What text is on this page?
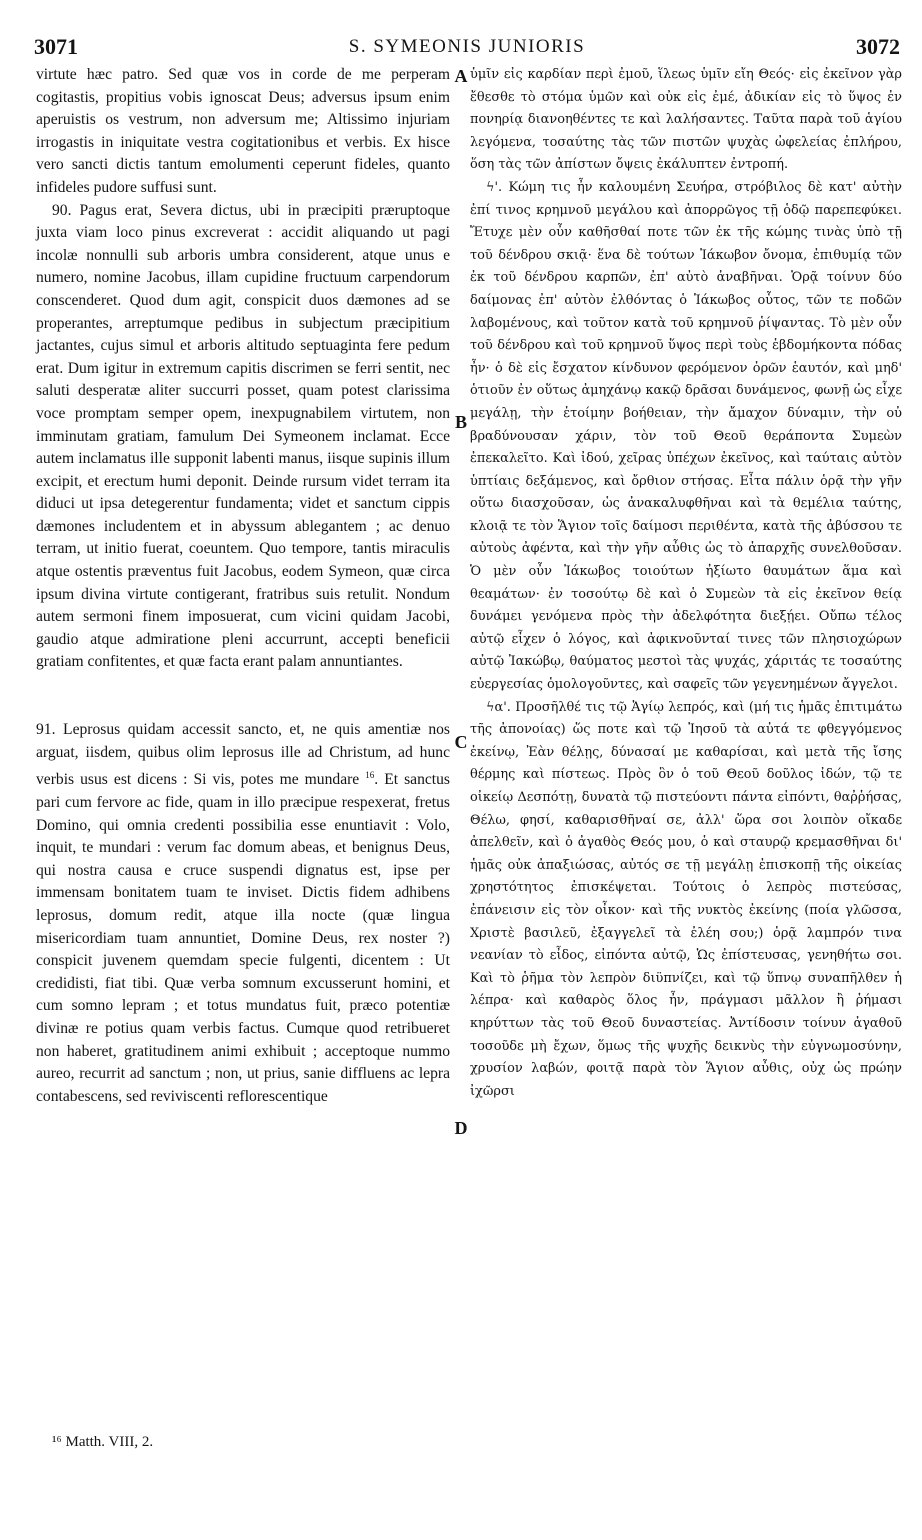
3071	S. SYMEONIS JUNIORIS	3072

virtute hæc patro. Sed quæ vos in corde de me perperam cogitastis, propitius vobis ignoscat Deus; adversus ipsum enim aperuistis os vestrum, non adversum me; Altissimo injuriam irrogastis in iniquitate vestra cogitationibus et verbis. Ex hisce vero sancti dictis tantum emolumenti ceperunt fideles, quanto infideles pudore suffusi sunt.

90. Pagus erat, Severa dictus, ubi in præcipiti præruptoque juxta viam loco pinus excreverat : accidit aliquando ut pagi incolæ nonnulli sub arboris umbra considerent, atque unus e numero, nomine Jacobus, illam cupidine fructuum carpendorum conscenderet. Quod dum agit, conspicit duos dæmones ad se properantes, arreptumque pedibus in subjectum præcipitium jactantes, cujus simul et arboris altitudo septuaginta fere pedum erat. Dum igitur in extremum capitis discrimen se ferri sentit, nec saluti desperatæ aliter succurri posset, quam potest clarissima voce promptam semper opem, inexpugnabilem virtutem, non imminutam gratiam, famulum Dei Symeonem inclamat. Ecce autem inclamatus ille supponit labenti manus, iisque supinis illum excipit, et erectum humi deponit. Deinde rursum videt terram ita diduci ut ipsa detegerentur fundamenta; videt et sanctum cippis dæmones includentem et in abyssum ablegantem ; ac denuo terram, ut initio fuerat, coeuntem. Quo tempore, tantis miraculis atque ostentis præventus fuit Jacobus, eodem Symeon, quæ circa ipsum divina virtute contigerant, fratribus suis retulit. Nondum autem sermoni finem imposuerat, cum vicini quidam Jacobi, gaudio atque admiratione pleni accurrunt, accepti beneficii gratiam confitentes, et quæ facta erant palam annuntiantes.

91. Leprosus quidam accessit sancto, et, ne quis amentiæ nos arguat, iisdem, quibus olim leprosus ille ad Christum, ad hunc verbis usus est dicens : Si vis, potes me mundare $^{16}$. Et sanctus pari cum fervore ac fide, quam in illo præcipue respexerat, fretus Domino, qui omnia credenti possibilia esse enuntiavit : Volo, inquit, te mundari : verum fac domum abeas, et benignus Deus, qui nostra causa e cruce suspendi dignatus est, ipse per immensam bonitatem tuam te inviset. Dictis fidem adhibens leprosus, domum redit, atque illa nocte (quæ lingua misericordiam tuam annuntiet, Domine Deus, rex noster ?) conspicit juvenem quemdam specie fulgenti, dicentem : Ut credidisti, fiat tibi. Quæ verba somnum excusserunt homini, et cum somno lepram ; et totus mundatus fuit, præco potentiæ divinæ re potius quam verbis factus. Cumque quod retribueret non haberet, gratitudinem animi exhibuit ; acceptoque nummo aureo, recurrit ad sanctum ; non, ut prius, sanie diffluens ac lepra contabescens, sed reviviscenti reflorescentique

A
B
C
D

ὑμῖν εἰς καρδίαν περὶ ἐμοῦ, ἵλεως ὑμῖν εἴη Θεός· εἰς ἐκεῖνον γὰρ ἔθεσθε τὸ στόμα ὑμῶν καὶ οὐκ εἰς ἐμέ, ἀδικίαν εἰς τὸ ὕψος ἐν πονηρίᾳ διανοηθέντες τε καὶ λαλήσαντες. Ταῦτα παρὰ τοῦ ἁγίου λεγόμενα, τοσαύτης τὰς τῶν πιστῶν ψυχὰς ὠφελείας ἐπλήρου, ὅση τὰς τῶν ἀπίστων ὄψεις ἐκάλυπτεν ἐντροπή.

ϟ'. Κώμη τις ἦν καλουμένη Σευήρα, στρόβιλος δὲ κατ' αὐτὴν ἐπί τινος κρημνοῦ μεγάλου καὶ ἀπορρῶγος τῇ ὁδῷ παρεπεφύκει. Ἔτυχε μὲν οὖν καθῆσθαί ποτε τῶν ἐκ τῆς κώμης τινὰς ὑπὸ τῇ τοῦ δένδρου σκιᾷ· ἕνα δὲ τούτων Ἰάκωβον ὄνομα, ἐπιθυμίᾳ τῶν ἐκ τοῦ δένδρου καρπῶν, ἐπ' αὐτὸ ἀναβῆναι. Ὁρᾷ τοίνυν δύο δαίμονας ἐπ' αὐτὸν ἐλθόντας ὁ Ἰάκωβος οὗτος, τῶν τε ποδῶν λαβομένους, καὶ τοῦτον κατὰ τοῦ κρημνοῦ ῥίψαντας. Τὸ μὲν οὖν τοῦ δένδρου καὶ τοῦ κρημνοῦ ὕψος περὶ τοὺς ἑβδομήκοντα πόδας ἦν· ὁ δὲ εἰς ἔσχατον κίνδυνον φερόμενον ὁρῶν ἑαυτόν, καὶ μηδ' ὁτιοῦν ἐν οὕτως ἀμηχάνῳ κακῷ δρᾶσαι δυνάμενος, φωνῇ ὡς εἶχε μεγάλῃ, τὴν ἑτοίμην βοήθειαν, τὴν ἄμαχον δύναμιν, τὴν οὐ βραδύνουσαν χάριν, τὸν τοῦ Θεοῦ θεράποντα Συμεὼν ἐπεκαλεῖτο. Καὶ ἰδού, χεῖρας ὑπέχων ἐκεῖνος, καὶ ταύταις αὐτὸν ὑπτίαις δεξάμενος, καὶ ὄρθιον στήσας. Εἶτα πάλιν ὁρᾷ τὴν γῆν οὕτω διασχοῦσαν, ὡς ἀνακαλυφθῆναι καὶ τὰ θεμέλια ταύτης, κλοιᾷ τε τὸν Ἅγιον τοῖς δαίμοσι περιθέντα, κατὰ τῆς ἀβύσσου τε αὐτοὺς ἀφέντα, καὶ τὴν γῆν αὖθις ὡς τὸ ἀπαρχῆς συνελθοῦσαν. Ὁ μὲν οὖν Ἰάκωβος τοιούτων ἠξίωτο θαυμάτων ἅμα καὶ θεαμάτων· ἐν τοσούτῳ δὲ καὶ ὁ Συμεὼν τὰ εἰς ἐκεῖνον θείᾳ δυνάμει γενόμενα πρὸς τὴν ἀδελφότητα διεξῄει. Οὔπω τέλος αὐτῷ εἶχεν ὁ λόγος, καὶ ἀφικνοῦνταί τινες τῶν πλησιοχώρων αὐτῷ Ἰακώβῳ, θαύματος μεστοὶ τὰς ψυχάς, χάριτάς τε τοσαύτης εὐεργεσίας ὁμολογοῦντες, καὶ σαφεῖς τῶν γεγενημένων ἄγγελοι.

ϟα'. Προσῆλθέ τις τῷ Ἁγίῳ λεπρός, καὶ (μή τις ἡμᾶς ἐπιτιμάτω τῆς ἀπονοίας) ὥς ποτε καὶ τῷ Ἰησοῦ τὰ αὐτά τε φθεγγόμενος ἐκείνῳ, Ἐὰν θέλῃς, δύνασαί με καθαρίσαι, καὶ μετὰ τῆς ἴσης θέρμης καὶ πίστεως. Πρὸς ὃν ὁ τοῦ Θεοῦ δοῦλος ἰδών, τῷ τε οἰκείῳ Δεσπότῃ, δυνατὰ τῷ πιστεύοντι πάντα εἰπόντι, θαῤῥήσας, Θέλω, φησί, καθαρισθῆναί σε, ἀλλ' ὥρα σοι λοιπὸν οἴκαδε ἀπελθεῖν, καὶ ὁ ἀγαθὸς Θεός μου, ὁ καὶ σταυρῷ κρεμασθῆναι δι' ἡμᾶς οὐκ ἀπαξιώσας, αὐτός σε τῇ μεγάλῃ ἐπισκοπῇ τῆς οἰκείας χρηστότητος ἐπισκέψεται. Τούτοις ὁ λεπρὸς πιστεύσας, ἐπάνεισιν εἰς τὸν οἶκον· καὶ τῆς νυκτὸς ἐκείνης (ποία γλῶσσα, Χριστὲ βασιλεῦ, ἐξαγγελεῖ τὰ ἐλέη σου;) ὁρᾷ λαμπρόν τινα νεανίαν τὸ εἶδος, εἰπόντα αὐτῷ, Ὡς ἐπίστευσας, γενηθήτω σοι. Καὶ τὸ ῥῆμα τὸν λεπρὸν διϋπνίζει, καὶ τῷ ὕπνῳ συναπῆλθεν ἡ λέπρα· καὶ καθαρὸς ὅλος ἦν, πράγμασι μᾶλλον ἢ ῥήμασι κηρύττων τὰς τοῦ Θεοῦ δυναστείας. Ἀντίδοσιν τοίνυν ἀγαθοῦ τοσοῦδε μὴ ἔχων, ὅμως τῆς ψυχῆς δεικνὺς τὴν εὐγνωμοσύνην, χρυσίον λαβών, φοιτᾷ παρὰ τὸν Ἅγιον αὖθις, οὐχ ὡς πρώην ἰχῶρσι

¹⁶ Matth. VIII, 2.
